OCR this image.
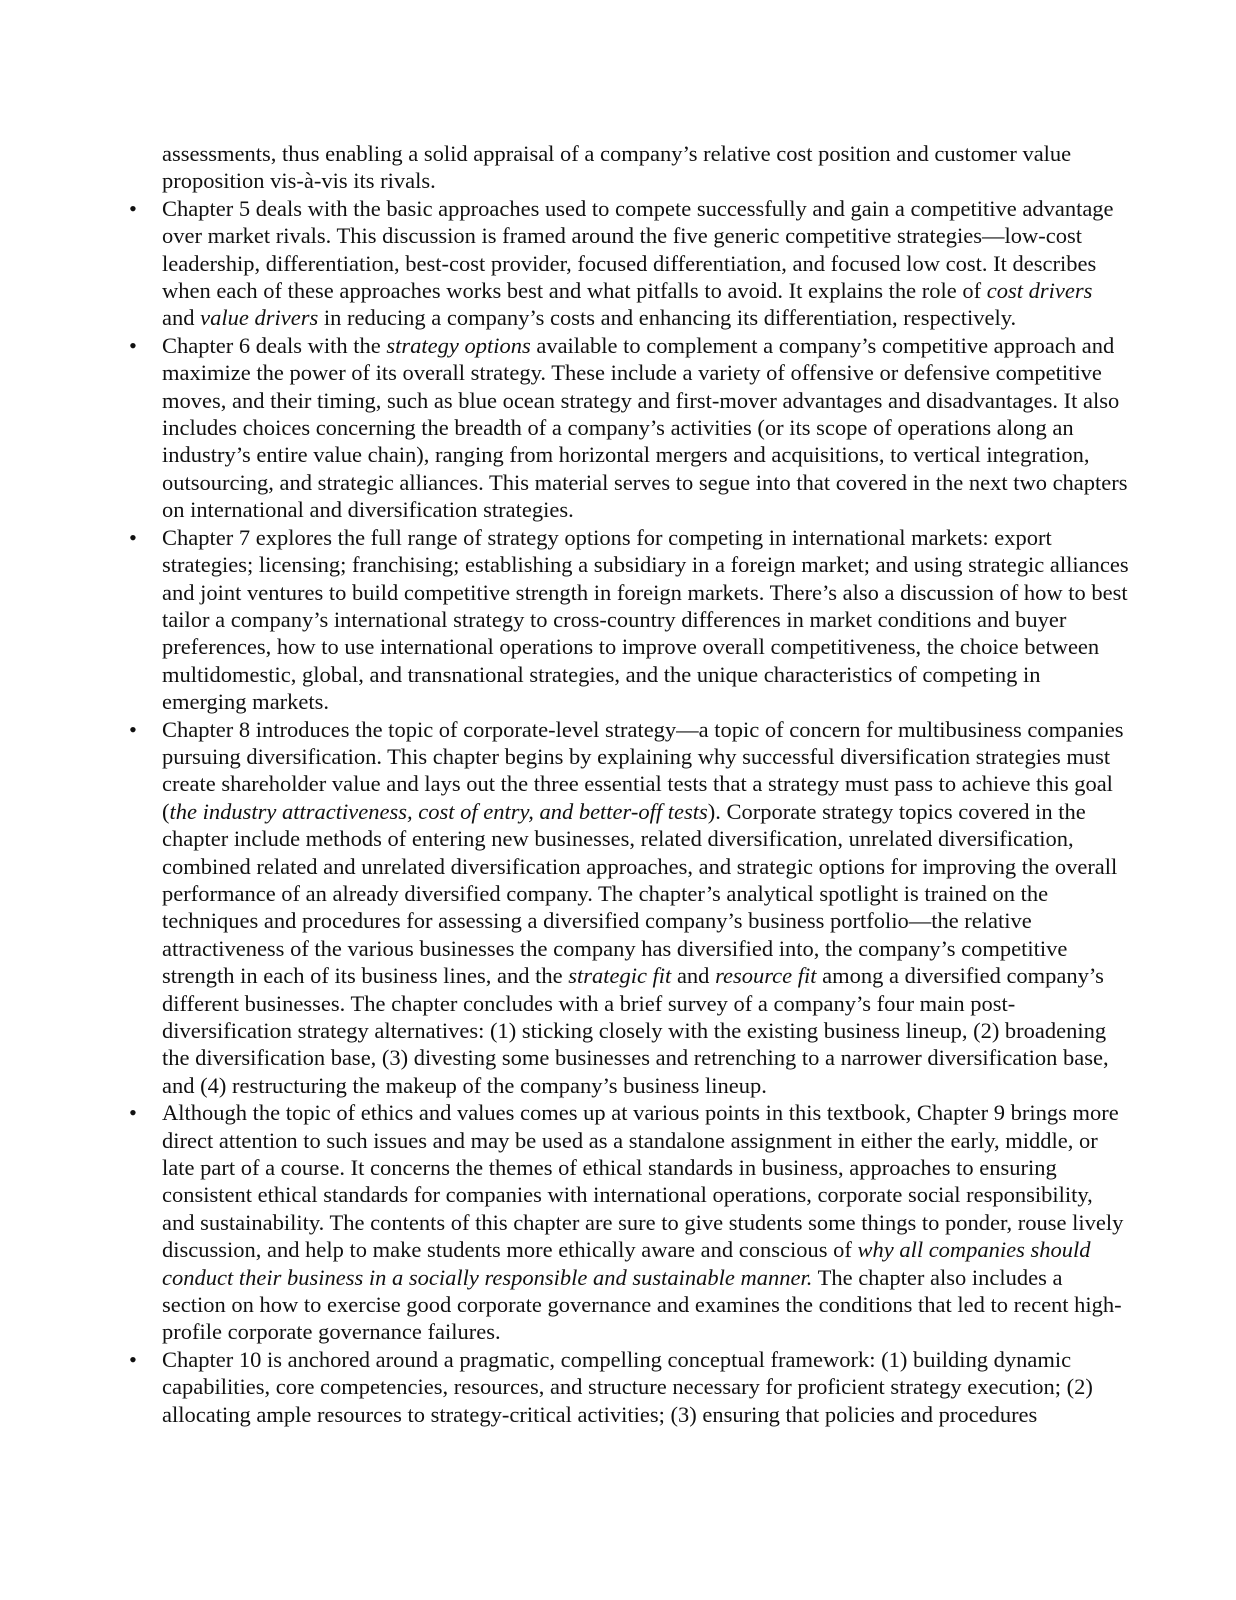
assessments, thus enabling a solid appraisal of a company’s relative cost position and customer value proposition vis-à-vis its rivals.

• Chapter 5 deals with the basic approaches used to compete successfully and gain a competitive advantage over market rivals. This discussion is framed around the five generic competitive strategies—low-cost leadership, differentiation, best-cost provider, focused differentiation, and focused low cost. It describes when each of these approaches works best and what pitfalls to avoid. It explains the role of cost drivers and value drivers in reducing a company’s costs and enhancing its differentiation, respectively.

• Chapter 6 deals with the strategy options available to complement a company’s competitive approach and maximize the power of its overall strategy. These include a variety of offensive or defensive competitive moves, and their timing, such as blue ocean strategy and first-mover advantages and disadvantages. It also includes choices concerning the breadth of a company’s activities (or its scope of operations along an industry’s entire value chain), ranging from horizontal mergers and acquisitions, to vertical integration, outsourcing, and strategic alliances. This material serves to segue into that covered in the next two chapters on international and diversification strategies.

• Chapter 7 explores the full range of strategy options for competing in international markets: export strategies; licensing; franchising; establishing a subsidiary in a foreign market; and using strategic alliances and joint ventures to build competitive strength in foreign markets. There’s also a discussion of how to best tailor a company’s international strategy to cross-country differences in market conditions and buyer preferences, how to use international operations to improve overall competitiveness, the choice between multidomestic, global, and transnational strategies, and the unique characteristics of competing in emerging markets.

• Chapter 8 introduces the topic of corporate-level strategy—a topic of concern for multibusiness companies pursuing diversification. This chapter begins by explaining why successful diversification strategies must create shareholder value and lays out the three essential tests that a strategy must pass to achieve this goal (the industry attractiveness, cost of entry, and better-off tests). Corporate strategy topics covered in the chapter include methods of entering new businesses, related diversification, unrelated diversification, combined related and unrelated diversification approaches, and strategic options for improving the overall performance of an already diversified company. The chapter’s analytical spotlight is trained on the techniques and procedures for assessing a diversified company’s business portfolio—the relative attractiveness of the various businesses the company has diversified into, the company’s competitive strength in each of its business lines, and the strategic fit and resource fit among a diversified company’s different businesses. The chapter concludes with a brief survey of a company’s four main post-diversification strategy alternatives: (1) sticking closely with the existing business lineup, (2) broadening the diversification base, (3) divesting some businesses and retrenching to a narrower diversification base, and (4) restructuring the makeup of the company’s business lineup.

• Although the topic of ethics and values comes up at various points in this textbook, Chapter 9 brings more direct attention to such issues and may be used as a standalone assignment in either the early, middle, or late part of a course. It concerns the themes of ethical standards in business, approaches to ensuring consistent ethical standards for companies with international operations, corporate social responsibility, and sustainability. The contents of this chapter are sure to give students some things to ponder, rouse lively discussion, and help to make students more ethically aware and conscious of why all companies should conduct their business in a socially responsible and sustainable manner. The chapter also includes a section on how to exercise good corporate governance and examines the conditions that led to recent high-profile corporate governance failures.

• Chapter 10 is anchored around a pragmatic, compelling conceptual framework: (1) building dynamic capabilities, core competencies, resources, and structure necessary for proficient strategy execution; (2) allocating ample resources to strategy-critical activities; (3) ensuring that policies and procedures
